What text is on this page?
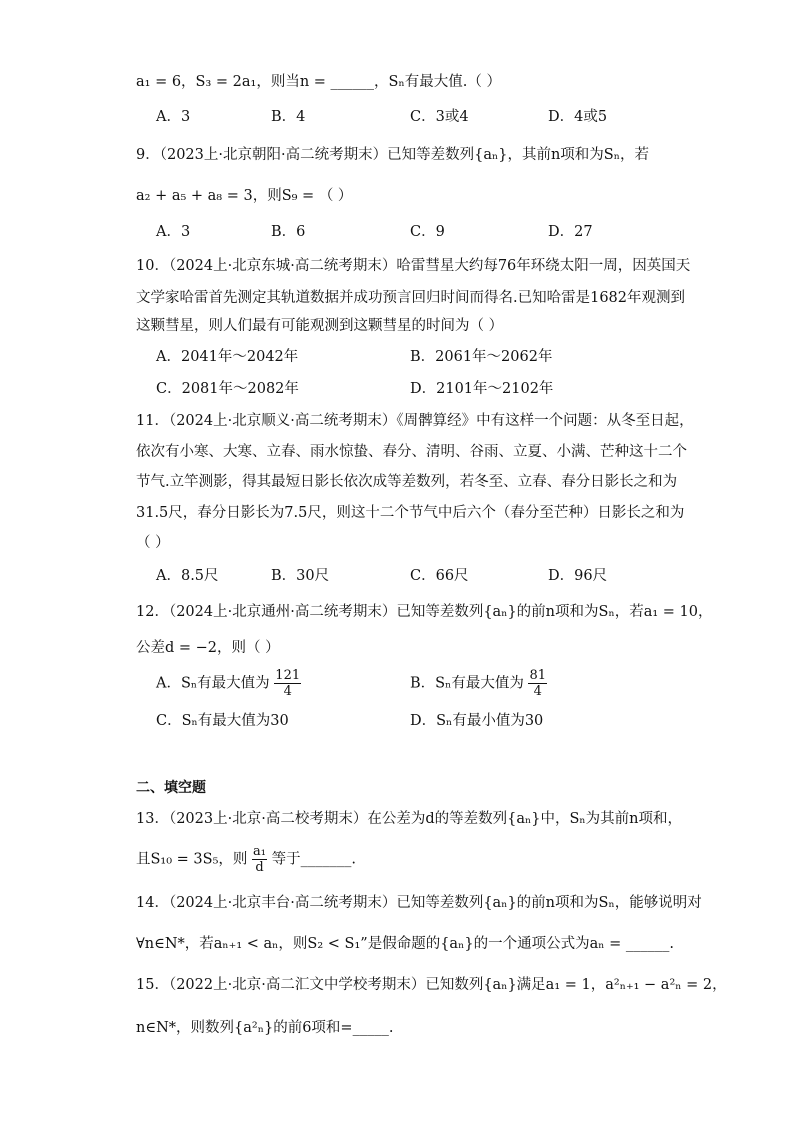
a₁ = 6，S₃ = 2a₁，则当n = ______，Sₙ有最大值.（ ）
A．3	B．4	C．3或4	D．4或5
9．（2023上·北京朝阳·高二统考期末）已知等差数列{aₙ}，其前n项和为Sₙ，若
a₂ + a₅ + a₈ = 3，则S₉ = （ ）
A．3	B．6	C．9	D．27
10．（2024上·北京东城·高二统考期末）哈雷彗星大约每76年环绕太阳一周，因英国天
文学家哈雷首先测定其轨道数据并成功预言回归时间而得名.已知哈雷是1682年观测到
这颗彗星，则人们最有可能观测到这颗彗星的时间为（ ）
A．2041年～2042年	B．2061年～2062年
C．2081年～2082年	D．2101年～2102年
11．（2024上·北京顺义·高二统考期末）《周髀算经》中有这样一个问题：从冬至日起，
依次有小寒、大寒、立春、雨水惊蛰、春分、清明、谷雨、立夏、小满、芒种这十二个
节气.立竿测影，得其最短日影长依次成等差数列，若冬至、立春、春分日影长之和为
31.5尺，春分日影长为7.5尺，则这十二个节气中后六个（春分至芒种）日影长之和为
（ ）
A．8.5尺	B．30尺	C．66尺	D．96尺
12．（2024上·北京通州·高二统考期末）已知等差数列{aₙ}的前n项和为Sₙ，若a₁ = 10，
公差d = −2，则（ ）
A．Sₙ有最大值为 $\frac{121}{4}$	B．Sₙ有最大值为 $\frac{81}{4}$
C．Sₙ有最大值为30	D．Sₙ有最小值为30
二、填空题
13．（2023上·北京·高二校考期末）在公差为d的等差数列{aₙ}中，Sₙ为其前n项和，
且S₁₀ = 3S₅，则 $\frac{\text{a₁}}{d}$ 等于_______.
14．（2024上·北京丰台·高二统考期末）已知等差数列{aₙ}的前n项和为Sₙ，能够说明对
∀n∈N*，若aₙ₊₁ < aₙ，则S₂ < S₁”是假命题的{aₙ}的一个通项公式为aₙ = ______.
15．（2022上·北京·高二汇文中学校考期末）已知数列{aₙ}满足a₁ = 1，a²ₙ₊₁ − a²ₙ = 2，
n∈N*，则数列{a²ₙ}的前6项和=_____.
